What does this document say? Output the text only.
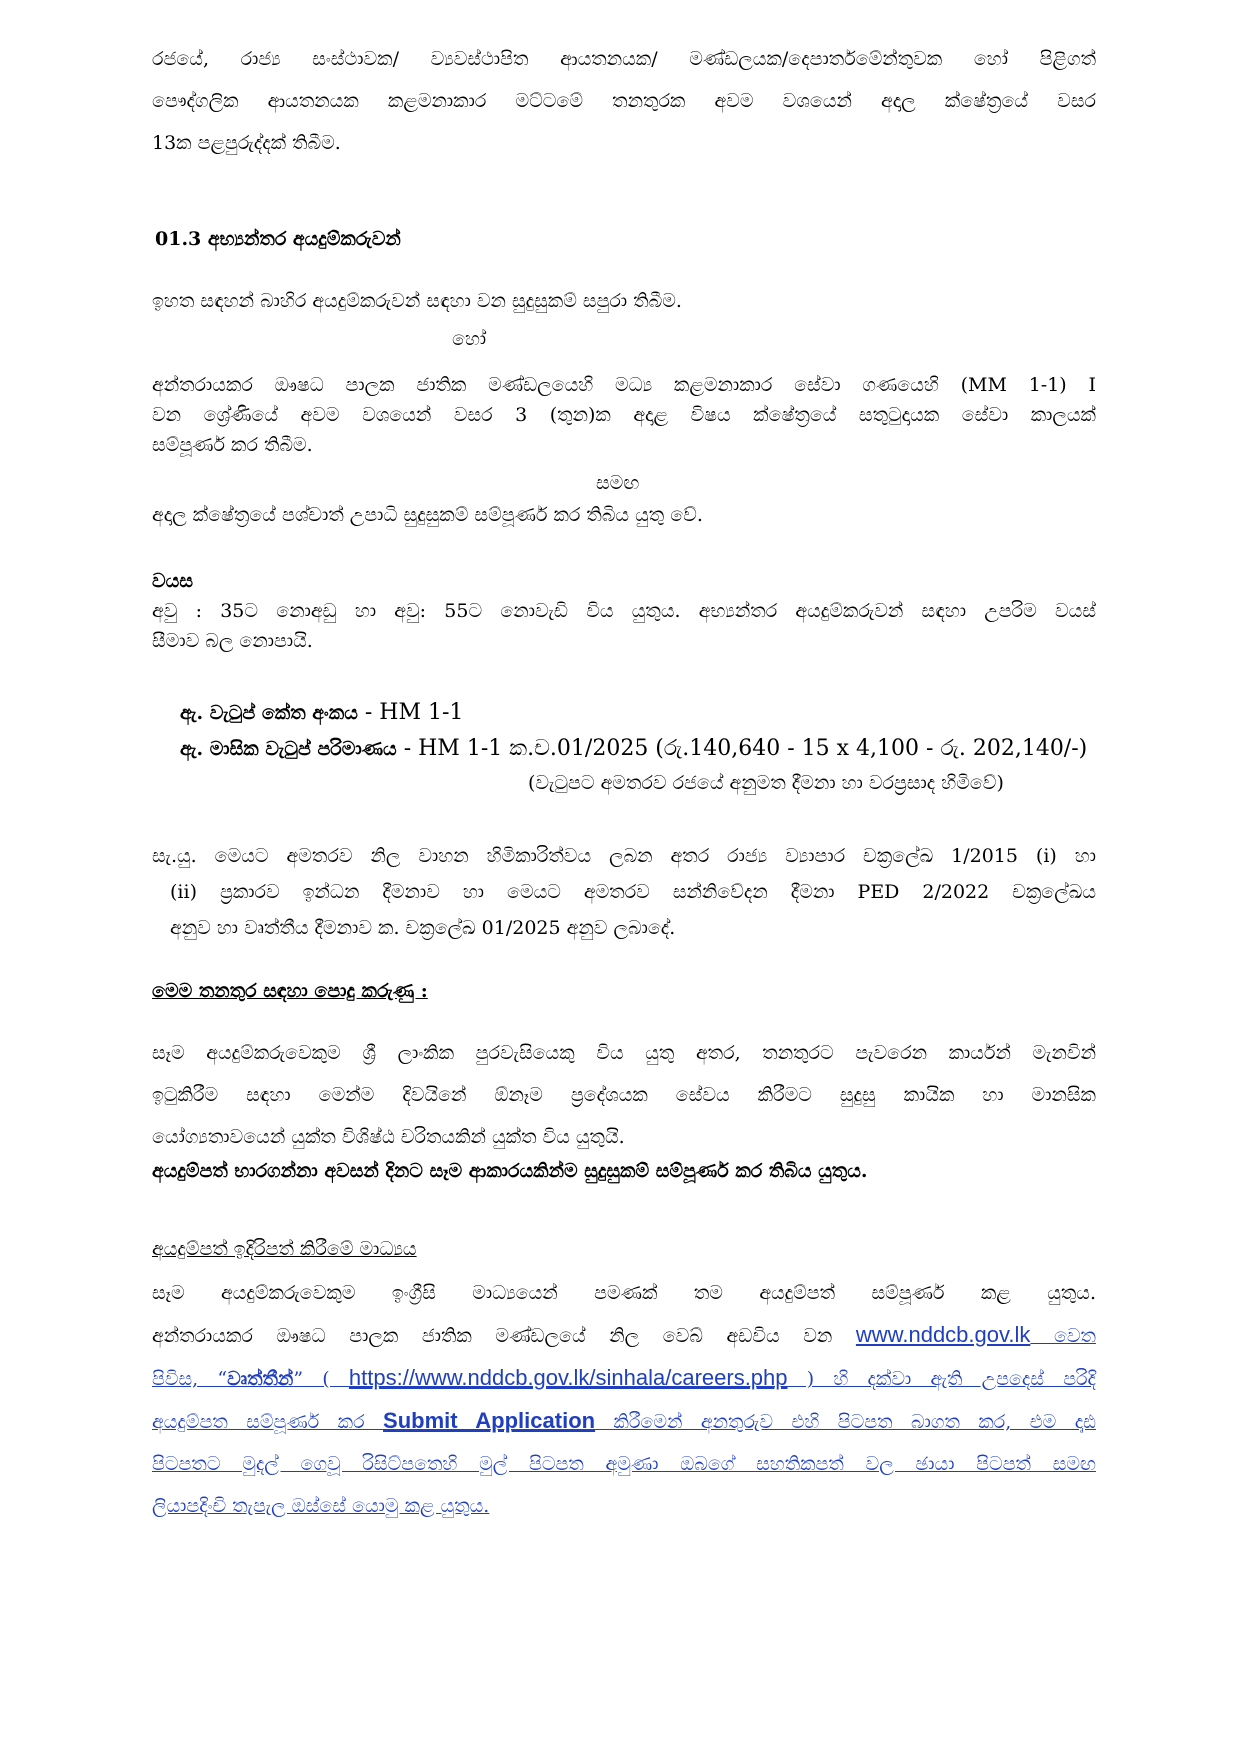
රජයේ, රාජ්‍ය සංස්ථාවක/ ව්‍යවස්ථාපිත ආයතනයක/ මණ්ඩලයක/දෙපාර්තමේන්තුවක හෝ පිළිගත්
පෞද්ගලික ආයතනයක කළමනාකාර මට්ටමේ තනතුරක අවම වශයෙන් අදාල ක්ෂේත්‍රයේ වසර
13ක පළපුරුද්දක් තිබීම.
01.3 අභ්‍යන්තර අයදුම්කරුවන්
ඉහත සඳහන් බාහිර අයදුම්කරුවන් සඳහා වන සුදුසුකම් සපුරා තිබීම.
හෝ
අන්තරායකර ඖෂධ පාලක ජාතික මණ්ඩලයෙහි මධ්‍ය කළමනාකාර සේවා ගණයෙහි (MM 1-1) I
වන ශ්‍රේණියේ අවම වශයෙන් වසර 3 (තුන)ක අදාළ විෂය ක්ෂේත්‍රයේ සතුටුදායක සේවා කාලයක්
සම්පූර්ණ කර තිබීම.
සමඟ
අදාල ක්ෂේත්‍රයේ පශ්චාත් උපාධි සුදුසුකම් සම්පූර්ණ කර තිබිය යුතු වේ.
වයස
අවු : 35ට නොඅඩු හා අවු: 55ට නොවැඩි විය යුතුය. අභ්‍යන්තර අයදුම්කරුවන් සඳහා උපරිම වයස්
සීමාව බල නොපායි.
ඇ. වැටුප් කේත අංකය - HM 1-1
ඇ. මාසික වැටුප් පරිමාණය - HM 1-1 ක.ච.01/2025 (රු.140,640 - 15 x 4,100 - රු. 202,140/-)
(වැටුපට අමතරව රජයේ අනුමත දීමනා හා වරප්‍රසාද හිමිවේ)
සැ.යු. මෙයට අමතරව නිල වාහන හිමිකාරිත්වය ලබන අතර රාජ්‍ය ව්‍යාපාර චක්‍රලේඛ 1/2015 (i) හා
(ii) ප්‍රකාරව ඉන්ධන දීමනාව හා මෙයට අමතරව සන්නිවේදන දීමනා PED 2/2022 චක්‍රලේඛය
අනුව හා වෘත්තීය දීමනාව ක. චක්‍රලේඛ 01/2025 අනුව ලබාදේ.
මෙම තනතුර සඳහා පොදු කරුණු :
සෑම අයදුම්කරුවෙකුම ශ්‍රී ලාංකික පුරවැසියෙකු විය යුතු අතර, තනතුරට පැවරෙන කාර්යන් මැනවින්
ඉටුකිරීම සඳහා මෙන්ම දිවයිනේ ඕනෑම ප්‍රදේශයක සේවය කිරීමට සුදුසු කායික හා මානසික
යෝග්‍යතාවයෙන් යුක්ත විශිෂ්ඨ චරිතයකින් යුක්ත විය යුතුයි.
අයදුම්පත් භාරගන්නා අවසන් දිනට සෑම ආකාරයකින්ම සුදුසුකම් සම්පූර්ණ කර තිබිය යුතුය.
අයදුම්පත් ඉදිරිපත් කිරීමේ මාධ්‍යය
සෑම අයදුම්කරුවෙකුම ඉංග්‍රීසි මාධ්‍යයෙන් පමණක් තම අයදුම්පත් සම්පූර්ණ කළ යුතුය.
අන්තරායකර ඖෂධ පාලක ජාතික මණ්ඩලයේ නිල වෙබ් අඩවිය වන www.nddcb.gov.lk වෙත
පිවිස, “වෘත්තීන්” ( https://www.nddcb.gov.lk/sinhala/careers.php ) හි දක්වා ඇති උපදෙස් පරිදි
අයදුම්පත සම්පූර්ණ කර Submit Application කිරීමෙන් අනතුරුව එහි පිටපත බාගත කර, එම දෘඪ
පිටපතට මුදල් ගෙවූ රිසිට්පතෙහි මුල් පිටපත අමුණා ඔබගේ සහතිකපත් වල ඡායා පිටපත් සමඟ
ලියාපදිංචි තැපැල ඔස්සේ යොමු කළ යුතුය.
